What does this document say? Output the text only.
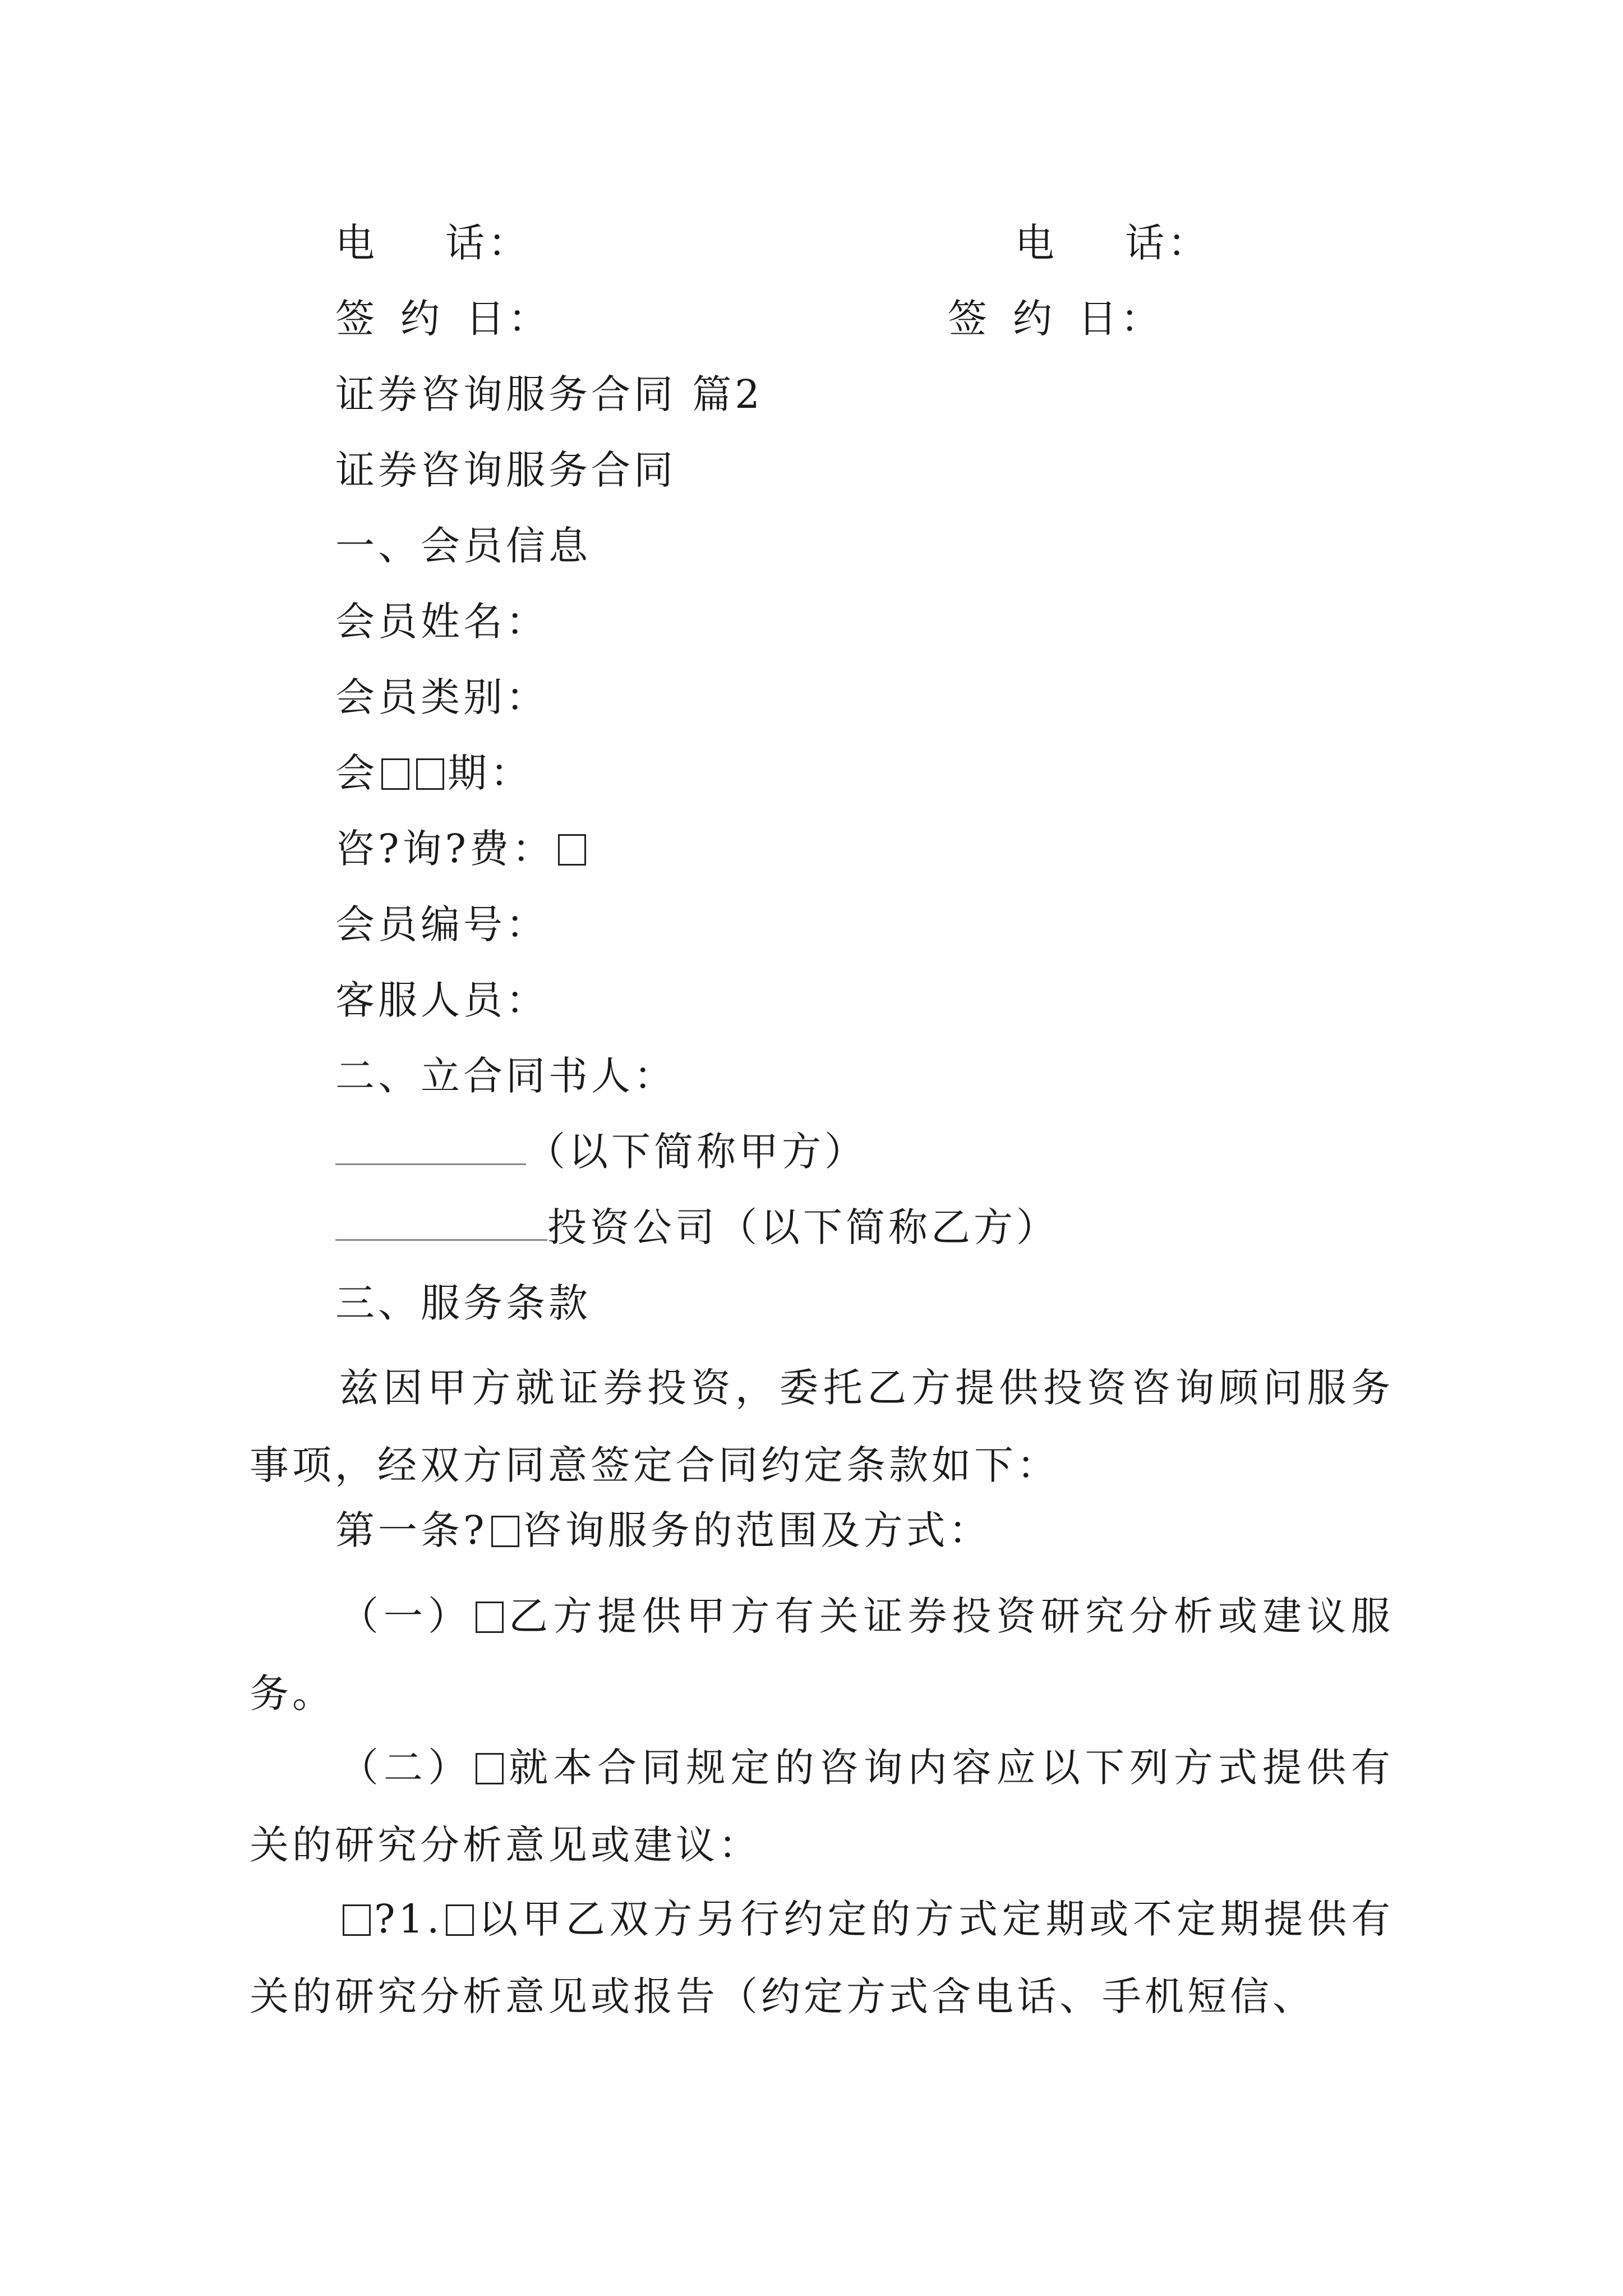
电 话：	电 话：
签 约 日：	签 约 日：
证券咨询服务合同 篇2
证券咨询服务合同
一、会员信息
会员姓名：
会员类别：
会 期：
咨?询?费：
会员编号：
客服人员：
二、立合同书人：
（以下简称甲方）
投资公司（以下简称乙方）
三、服务条款
兹因甲方就证券投资，委托乙方提供投资咨询顾问服务事项，经双方同意签定合同约定条款如下：
第一条? 咨询服务的范围及方式：
（一） 乙方提供甲方有关证券投资研究分析或建议服务。
（二） 就本合同规定的咨询内容应以下列方式提供有关的研究分析意见或建议：
?1. 以甲乙双方另行约定的方式定期或不定期提供有关的研究分析意见或报告（约定方式含电话、手机短信、
